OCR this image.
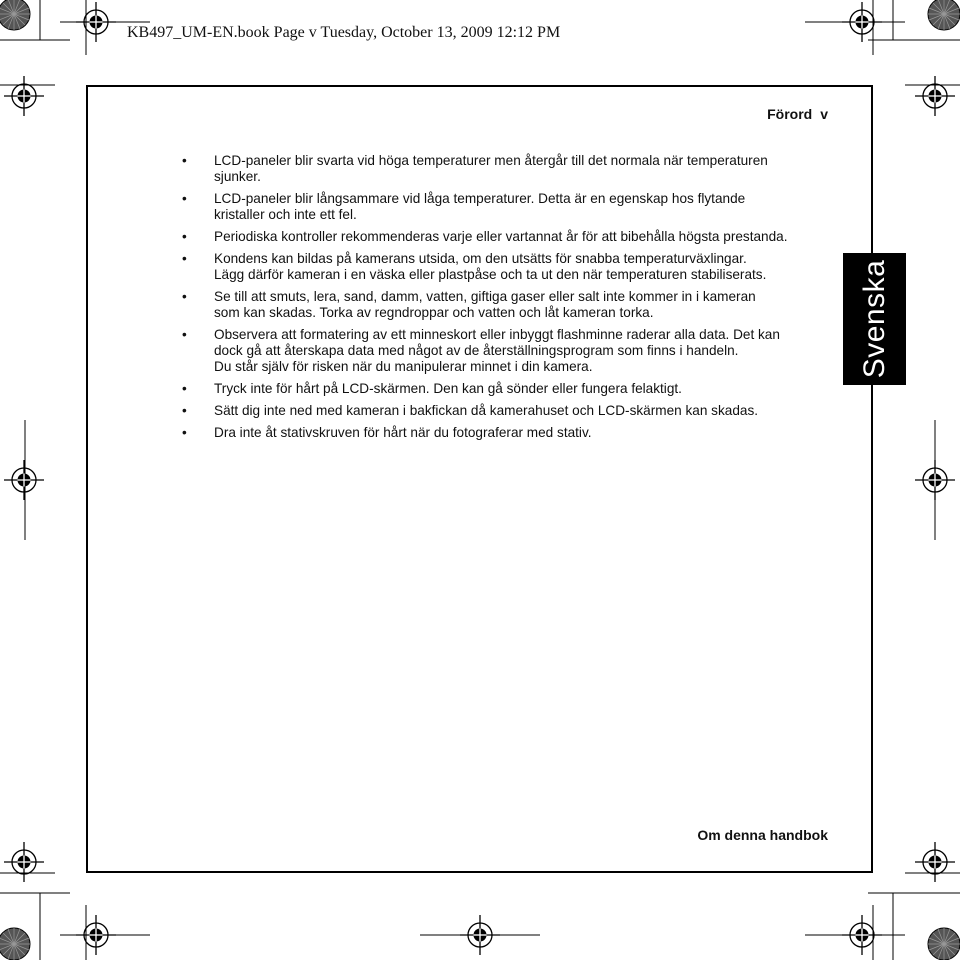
KB497_UM-EN.book Page v Tuesday, October 13, 2009 12:12 PM
Förord v
•	LCD-paneler blir svarta vid höga temperaturer men återgår till det normala när temperaturen
sjunker.
•	LCD-paneler blir långsammare vid låga temperaturer. Detta är en egenskap hos flytande
kristaller och inte ett fel.
•	Periodiska kontroller rekommenderas varje eller vartannat år för att bibehålla högsta prestanda.
•	Kondens kan bildas på kamerans utsida, om den utsätts för snabba temperaturväxlingar.
Lägg därför kameran i en väska eller plastpåse och ta ut den när temperaturen stabiliserats.
•	Se till att smuts, lera, sand, damm, vatten, giftiga gaser eller salt inte kommer in i kameran
som kan skadas. Torka av regndroppar och vatten och låt kameran torka.
•	Observera att formatering av ett minneskort eller inbyggt flashminne raderar alla data. Det kan
dock gå att återskapa data med något av de återställningsprogram som finns i handeln.
Du står själv för risken när du manipulerar minnet i din kamera.
•	Tryck inte för hårt på LCD-skärmen. Den kan gå sönder eller fungera felaktigt.
•	Sätt dig inte ned med kameran i bakfickan då kamerahuset och LCD-skärmen kan skadas.
•	Dra inte åt stativskruven för hårt när du fotograferar med stativ.
Om denna handbok
Svenska
